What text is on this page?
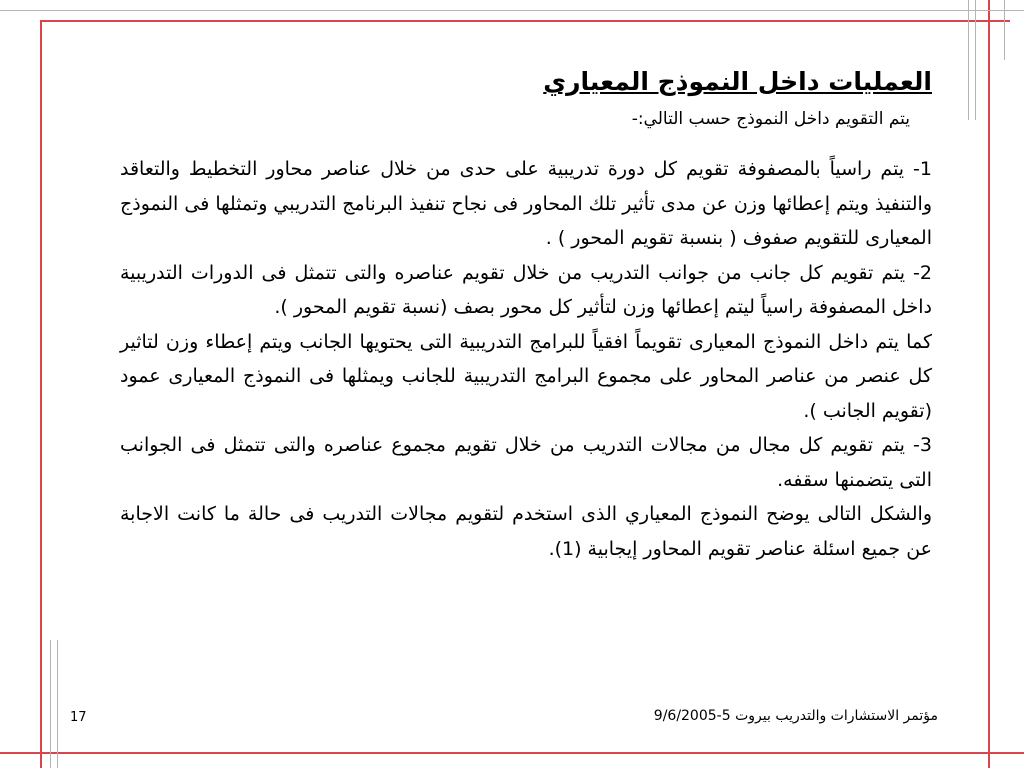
العمليات داخل النموذج المعياري
يتم التقويم داخل النموذج حسب التالي:-

1- يتم راسياً بالمصفوفة تقويم كل دورة تدريبية على حدى من خلال عناصر محاور التخطيط والتعاقد والتنفيذ ويتم إعطائها وزن عن مدى تأثير تلك المحاور فى نجاح تنفيذ البرنامج التدريبي وتمثلها فى النموذج المعيارى للتقويم صفوف ( بنسبة تقويم المحور ) .

2- يتم تقويم كل جانب من جوانب التدريب من خلال تقويم عناصره والتى تتمثل فى الدورات التدريبية داخل المصفوفة راسياً ليتم إعطائها وزن لتأثير كل محور بصف (نسبة تقويم المحور ).

كما يتم داخل النموذج المعيارى تقويماً افقياً للبرامج التدريبية التى يحتويها الجانب ويتم إعطاء وزن لتاثير كل عنصر من عناصر المحاور على مجموع البرامج التدريبية للجانب ويمثلها فى النموذج المعيارى عمود (تقويم الجانب ).

3- يتم تقويم كل مجال من مجالات التدريب من خلال تقويم مجموع عناصره والتى تتمثل فى الجوانب التى يتضمنها سقفه.

والشكل التالى يوضح النموذج المعياري الذى استخدم لتقويم مجالات التدريب فى حالة ما كانت الاجابة عن جميع اسئلة عناصر تقويم المحاور إيجابية (1).

17	مؤتمر الاستشارات والتدريب بيروت 5-9/6/2005
